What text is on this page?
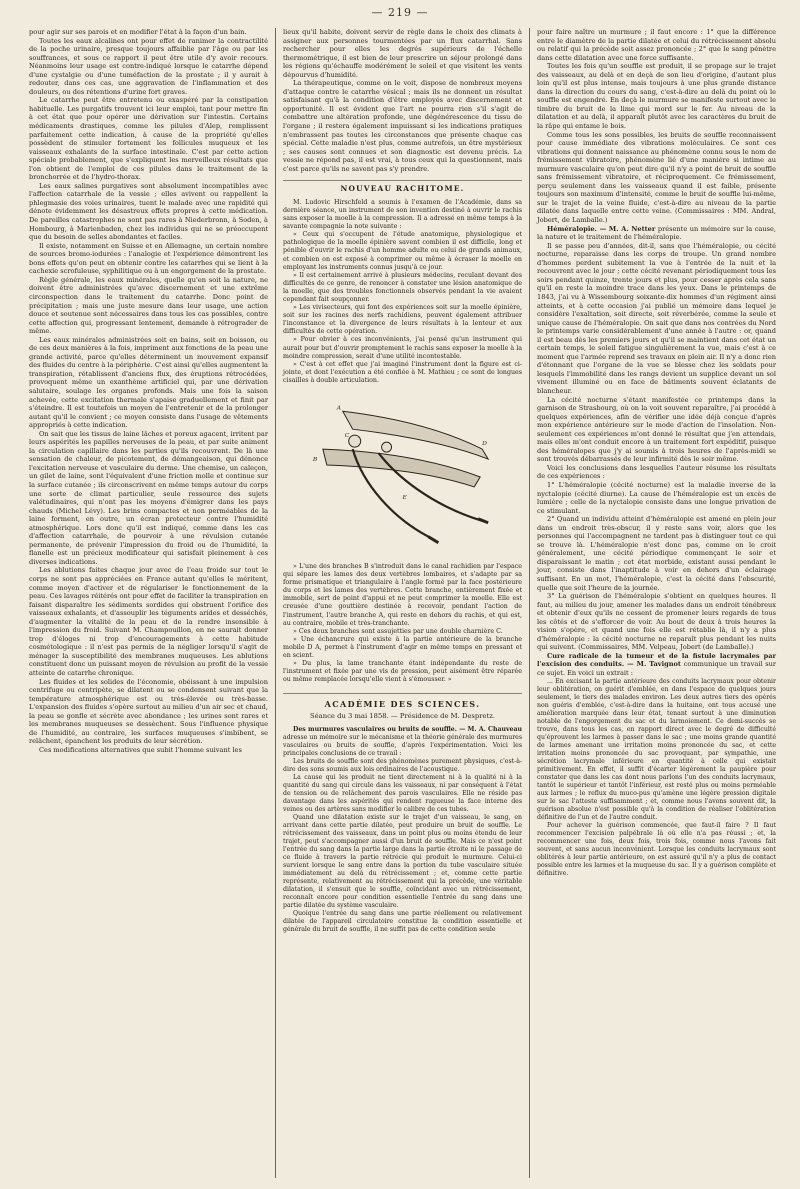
— 219 —

pour agir sur ses parois et en modifier l'état à la façon d'un bain.

Toutes les eaux alcalines ont pour effet de ranimer la contractilité de la poche urinaire, presque toujours affaiblie par l'âge ou par les souffrances, et sous ce rapport il peut être utile d'y avoir recours. Néanmoins leur usage est contre-indiqué lorsque le catarrhe dépend d'une cystalgie ou d'une tuméfaction de la prostate ; il y aurait à redouter, dans ces cas, une aggravation de l'inflammation et des douleurs, ou des rétentions d'urine fort graves.

Le catarrhe peut être entretenu ou exaspéré par la constipation habituelle. Les purgatifs trouvent ici leur emploi, tant pour mettre fin à cet état que pour opérer une dérivation sur l'intestin. Certains médicaments drastiques, comme les pilules d'Alep, remplissent parfaitement cette indication, à cause de la propriété qu'elles possèdent de stimuler fortement les follicules muqueux et les vaisseaux exhalants de la surface intestinale. C'est par cette action spéciale probablement, que s'expliquent les merveilleux résultats que l'on obtient de l'emploi de ces pilules dans le traitement de la bronchorrée et de l'hydro-thorax.

Les eaux salines purgatives sont absolument incompatibles avec l'affection catarrhale de la vessie ; elles avivent ou rappellent la phlegmasie des voies urinaires, tuent le malade avec une rapidité qui dénote évidemment les désastreux effets propres à cette médication. De pareilles catastrophes ne sont pas rares à Niederbronn, à Soden, à Hombourg, à Marienbaden, chez les individus qui ne se préoccupent que du besoin de selles abondantes et faciles.

Il existe, notamment en Suisse et en Allemagne, un certain nombre de sources bromo-iodurées : l'analogie et l'expérience démontrent les bons effets qu'on peut en obtenir contre les catarrhes qui se lient à la cachexie scrofuleuse, syphilitique ou à un engorgement de la prostate.

Règle générale, les eaux minérales, quelle qu'en soit la nature, ne doivent être administrées qu'avec discernement et une extrême circonspection dans le traitement du catarrhe. Donc point de précipitation ; mais une juste mesure dans leur usage, une action douce et soutenue sont nécessaires dans tous les cas possibles, contre cette affection qui, progressant lentement, demande à rétrograder de même.

Les eaux minérales administrées soit en bains, soit en boisson, ou de ces deux manières à la fois, impriment aux fonctions de la peau une grande activité, parce qu'elles déterminent un mouvement expansif des fluides du centre à la périphérie. C'est ainsi qu'elles augmentent la transpiration, rétablissent d'anciens flux, des éruptions rétrocédées, provoquent même un exanthème artificiel qui, par une dérivation salutaire, soulage les organes profonds. Mais une fois la saison achevée, cette excitation thermale s'apaise graduellement et finit par s'éteindre. Il est toutefois un moyen de l'entretenir et de la prolonger autant qu'il le convient ; ce moyen consiste dans l'usage de vêtements appropriés à cette indication.

On sait que les tissus de laine lâches et poreux agacent, irritent par leurs aspérités les papilles nerveuses de la peau, et par suite animent la circulation capillaire dans les parties qu'ils recouvrent. De là une sensation de chaleur, de picotement, de démangeaison, qui dénonce l'excitation nerveuse et vasculaire du derme. Une chemise, un caleçon, un gilet de laine, sont l'équivalent d'une friction molle et continue sur la surface cutanée ; ils circonscrivent en même temps autour du corps une sorte de climat particulier, seule ressource des sujets valétudinaires, qui n'ont pas les moyens d'émigrer dans les pays chauds (Michel Lévy). Les brins compactes et non perméables de la laine forment, en outre, un écran protecteur contre l'humidité atmosphérique. Lors donc qu'il est indiqué, comme dans les cas d'affection catarrhale, de pourvoir à une révulsion cutanée permanente, de prévenir l'impression du froid ou de l'humidité, la flanelle est un précieux modificateur qui satisfait pleinement à ces diverses indications.

Les ablutions faites chaque jour avec de l'eau froide sur tout le corps ne sont pas appréciées en France autant qu'elles le méritent, comme moyen d'activer et de régulariser le fonctionnement de la peau. Ces lavages réitérés ont pour effet de faciliter la transpiration en faisant disparaître les sédiments sordides qui obstruent l'orifice des vaisseaux exhalants, et d'assouplir les téguments arides et desséchés, d'augmenter la vitalité de la peau et de la rendre insensible à l'impression du froid. Suivant M. Champouillon, en ne saurait donner trop d'éloges ni trop d'encouragements à cette habitude cosmétologique : il n'est pas permis de la négliger lorsqu'il s'agit de ménager la susceptibilité des membranes muqueuses. Les ablutions constituent donc un puissant moyen de révulsion au profit de la vessie atteinte de catarrhe chronique.

Les fluides et les solides de l'économie, obéissant à une impulsion centrifuge ou centripète, se dilatent ou se condensent suivant que la température atmosphérique est ou très-élevée ou très-basse. L'expansion des fluides s'opère surtout au milieu d'un air sec et chaud, la peau se gonfle et sécrète avec abondance ; les urines sont rares et les membranes muqueuses se dessèchent. Sous l'influence physique de l'humidité, au contraire, les surfaces muqueuses s'imbibent, se relâchent, épanchent les produits de leur sécrétion.

Ces modifications alternatives que subit l'homme suivant les

lieux qu'il habite, doivent servir de règle dans le choix des climats à assigner aux personnes tourmentées par un flux catarrhal. Sans rechercher pour elles les degrés supérieurs de l'échelle thermométrique, il est bien de leur prescrire un séjour prolongé dans les régions qu'échauffe modérément le soleil et que visitent les vents dépourvus d'humidité.

La thérapeutique, comme on le voit, dispose de nombreux moyens d'attaque contre le catarrhe vésical ; mais ils ne donnent un résultat satisfaisant qu'à la condition d'être employés avec discernement et opportunité. Il est évident que l'art ne pourra rien s'il s'agit de combattre une altération profonde, une dégénérescence du tissu de l'organe ; il restera également impuissant si les indications pratiques n'embrassent pas toutes les circonstances que présente chaque cas spécial. Cette maladie n'est plus, comme autrefois, un être mystérieux ; ses causes sont connues et son diagnostic est devenu précis. La vessie ne répond pas, il est vrai, à tous ceux qui la questionnent, mais c'est parce qu'ils ne savent pas s'y prendre.

NOUVEAU RACHITOME.

M. Ludovic Hirschfeld a soumis à l'examen de l'Académie, dans sa dernière séance, un instrument de son invention destiné à ouvrir le rachis sans exposer la moelle à la compression. Il a adressé en même temps à la savante compagnie la note suivante :

« Ceux qui s'occupent de l'étude anatomique, physiologique et pathologique de la moelle épinière savent combien il est difficile, long et pénible d'ouvrir le rachis d'un homme adulte ou celui de grands animaux, et combien on est exposé à comprimer ou même à écraser la moelle en employant les instruments connus jusqu'à ce jour.

» Il est certainement arrivé à plusieurs médecins, reculant devant des difficultés de ce genre, de renoncer à constater une lésion anatomique de la moelle, que des troubles fonctionnels observés pendant la vie avaient cependant fait soupçonner.

» Les vivisecteurs, qui font des expériences soit sur la moelle épinière, soit sur les racines des nerfs rachidiens, peuvent également attribuer l'inconstance et la divergence de leurs résultats à la lenteur et aux difficultés de cette opération.

» Pour obvier à ces inconvénients, j'ai pensé qu'un instrument qui aurait pour but d'ouvrir promptement le rachis sans exposer la moelle à la moindre compression, serait d'une utilité incontestable.

» C'est à cet effet que j'ai imaginé l'instrument dont la figure est ci-jointe, et dont l'exécution a été confiée à M. Mathieu ; ce sont de longues cisailles à double articulation.

A
B
C
D
E

» L'une des branches B s'introduit dans le canal rachidien par l'espace qui sépare les lames des deux vertèbres lombaires, et s'adapte par sa forme prismatique et triangulaire à l'angle formé par la face postérieure du corps et les lames des vertèbres. Cette branche, entièrement fixée et immobile, sert de point d'appui et ne peut comprimer la moelle. Elle est creusée d'une gouttière destinée à recevoir, pendant l'action de l'instrument, l'autre branche A, qui reste en dehors du rachis, et qui est, au contraire, mobile et très-tranchante.

» Ces deux branches sont assujetties par une double charnière C.

» Une échancrure qui existe à la partie antérieure de la branche mobile D A, permet à l'instrument d'agir en même temps en pressant et en scient.

» Du plus, la lame tranchante étant indépendante du reste de l'instrument et fixée par une vis de pression, peut aisément être réparée ou même remplacée lorsqu'elle vient à s'émousser. »

ACADÉMIE DES SCIENCES.
Séance du 3 mai 1858. — Présidence de M. Despretz.

Des murmures vasculaires ou bruits de souffle. — M. A. Chauveau adresse un mémoire sur le mécanisme et la théorie générale des murmures vasculaires ou bruits de souffle, d'après l'expérimentation. Voici les principales conclusions de ce travail :

Les bruits de souffle sont des phénomènes purement physiques, c'est-à-dire des sons soumis aux lois ordinaires de l'acoustique.

La cause qui les produit ne tient directement ni à la qualité ni à la quantité du sang qui circule dans les vaisseaux, ni par conséquent à l'état de tension ou de relâchement des parois vasculaires. Elle ne réside pas davantage dans les aspérités qui rendent rugueuse la face interne des veines ou des artères sans modifier le calibre de ces tubes.

Quand une dilatation existe sur le trajet d'un vaisseau, le sang, en arrivant dans cette partie dilatée, peut produire un bruit de souffle. Le rétrécissement des vaisseaux, dans un point plus ou moins étendu de leur trajet, peut s'accompagner aussi d'un bruit de souffle. Mais ce n'est point l'entrée du sang dans la partie large dans la partie étroite ni le passage de ce fluide à travers la partie rétrécie qui produit le murmure. Celui-ci survient lorsque le sang entre dans la portion du tube vasculaire située immédiatement au delà du rétrécissement ; et, comme cette partie représente, relativement au rétrécissement qui la précède, une véritable dilatation, il s'ensuit que le souffle, coïncidant avec un rétrécissement, reconnaît encore pour condition essentielle l'entrée du sang dans une partie dilatée du système vasculaire.

Quoique l'entrée du sang dans une partie réellement ou relativement dilatée de l'appareil circulatoire constitue la condition essentielle et générale du bruit de souffle, il ne suffit pas de cette condition seule

pour faire naître un murmure ; il faut encore : 1° que la différence entre le diamètre de la partie dilatée et celui du rétrécissement absolu ou relatif qui la précède soit assez prononcée ; 2° que le sang pénètre dans cette dilatation avec une force suffisante.

Toutes les fois qu'un souffle est produit, il se propage sur le trajet des vaisseaux, au delà et en deçà de son lieu d'origine, d'autant plus loin qu'il est plus intense, mais toujours à une plus grande distance dans la direction du cours du sang, c'est-à-dire au delà du point où le souffle est engendré. En deçà le murmure se manifeste surtout avec le timbre du bruit de la lime qui mord sur le fer. Au niveau de la dilatation et au delà, il apparaît plutôt avec les caractères du bruit de la râpe qui entame le bois.

Comme tous les sons possibles, les bruits de souffle reconnaissent pour cause immédiate des vibrations moléculaires. Ce sont ces vibrations qui donnent naissance au phénomène connu sous le nom de frémissement vibratoire, phénomène lié d'une manière si intime au murmure vasculaire qu'on peut dire qu'il n'y a point de bruit de souffle sans frémissement vibratoire, et réciproquement. Ce frémissement, perçu seulement dans les vaisseaux quand il est faible, présente toujours son maximum d'intensité, comme le bruit de souffle lui-même, sur le trajet de la veine fluide, c'est-à-dire au niveau de la partie dilatée dans laquelle entre cette veine. (Commissaires : MM. Andral, Jobert, de Lamballe.)

Héméralopie. — M. A. Netter présente un mémoire sur la cause, la nature et le traitement de l'héméralopie.

Il se passe peu d'années, dit-il, sans que l'héméralopie, ou cécité nocturne, reparaisse dans les corps de troupe. Un grand nombre d'hommes perdent subitement la vue à l'entrée de la nuit et la recouvrent avec le jour ; cette cécité revenant périodiquement tous les soirs pendant quinze, trente jours et plus, pour cesser après cela sans qu'il en reste la moindre trace dans les yeux. Dans le printemps de 1843, j'ai vu à Wissembourg soixante-dix hommes d'un régiment ainsi atteints, et à cette occasion j'ai publié un mémoire dans lequel je considère l'exaltation, soit directe, soit réverbérée, comme la seule et unique cause de l'héméralopie. On sait que dans nos contrées du Nord le printemps varie considérablement d'une année à l'autre : or, quand il est beau dès les premiers jours et qu'il se maintient dans cet état un certain temps, le soleil fatigue singulièrement la vue, mais c'est à ce moment que l'armée reprend ses travaux en plein air. Il n'y a donc rien d'étonnant que l'organe de la vue se blesse chez les soldats pour lesquels l'immobilité dans les rangs devient un supplice devant un sol vivement illuminé ou en face de bâtiments souvent éclatants de blancheur.

La cécité nocturne s'étant manifestée ce printemps dans la garnison de Strasbourg, où on la voit souvent reparaître, j'ai procédé à quelques expériences, afin de vérifier une idée déjà conçue d'après mon expérience antérieure sur le mode d'action de l'insolation. Non-seulement ces expériences m'ont donné le résultat que j'en attendais, mais elles m'ont conduit encore à un traitement fort expéditif, puisque des héméralopes que j'y ai soumis à trois heures de l'après-midi se sont trouvés débarrassés de leur infirmité dès le soir même.

Voici les conclusions dans lesquelles l'auteur résume les résultats de ces expériences :

1° L'héméralopie (cécité nocturne) est la maladie inverse de la nyctalopie (cécité diurne). La cause de l'héméralopie est un excès de lumière ; celle de la nyctalopie consiste dans une longue privation de ce stimulant.

2° Quand un individu atteint d'héméralopie est amené en plein jour dans un endroit très-obscur, il y reste sans voir, alors que les personnes qui l'accompagnent ne tardent pas à distinguer tout ce qui se trouve là. L'héméralopie n'est donc pas, comme on le croit généralement, une cécité périodique commençant le soir et disparaissant le matin ; cet état morbide, existant aussi pendant le jour, consiste dans l'inaptitude à voir en dehors d'un éclairage suffisant. En un mot, l'héméralopie, c'est la cécité dans l'obscurité, quelle que soit l'heure de la journée.

3° La guérison de l'héméralopie s'obtient en quelques heures. Il faut, au milieu du jour, amener les malades dans un endroit ténébreux et obtenir d'eux qu'ils ne cessent de promener leurs regards de tous les côtés et de s'efforcer de voir. Au bout de deux à trois heures la vision s'opère, et quand une fois elle est rétablie là, il n'y a plus d'héméralopie : la cécité nocturne ne reparaît plus pendant les nuits qui suivent. (Commissaires, MM. Velpeau, Jobert (de Lamballe).)

Cure radicale de la tumeur et de la fistule lacrymales par l'excision des conduits. — M. Tavignot communique un travail sur ce sujet. En voici un extrait :

... En excisant la partie antérieure des conduits lacrymaux pour obtenir leur oblitération, on guérit d'emblée, en dans l'espace de quelques jours seulement, le tiers des malades environ. Les deux autres tiers des opérés non guéris d'emblée, c'est-à-dire dans la huitaine, ont tous accusé une amélioration marquée dans leur état, tenant surtout à une diminution notable de l'engorgement du sac et du larmoiement. Ce demi-succès se trouve, dans tous les cas, en rapport direct avec le degré de difficulté qu'éprouvent les larmes à passer dans le sac ; une moins grande quantité de larmes amenant une irritation moins prononcée du sac, et cette irritation moins prononcée du sac provoquant, par sympathie, une sécrétion lacrymale inférieure en quantité à celle qui existait primitivement. En effet, il suffit d'écarter légèrement la paupière pour constater que dans les cas dont nous parlons l'un des conduits lacrymaux, tantôt le supérieur et tantôt l'inférieur, est resté plus ou moins perméable aux larmes ; le reflux du muco-pus qu'amène une légère pression digitale sur le sac l'atteste suffisamment ; et, comme nous l'avons souvent dit, la guérison absolue n'est possible qu'à la condition de réaliser l'oblitération définitive de l'un et de l'autre conduit.

Pour achever la guérison commencée, que faut-il faire ? Il faut recommencer l'excision palpébrale là où elle n'a pas réussi ; et, la recommencer une fois, deux fois, trois fois, comme nous l'avons fait souvent, et sans aucun inconvénient. Lorsque les conduits lacrymaux sont oblitérés à leur partie antérieure, on est assuré qu'il n'y a plus de contact possible entre les larmes et la muqueuse du sac. Il y a guérison complète et définitive.
